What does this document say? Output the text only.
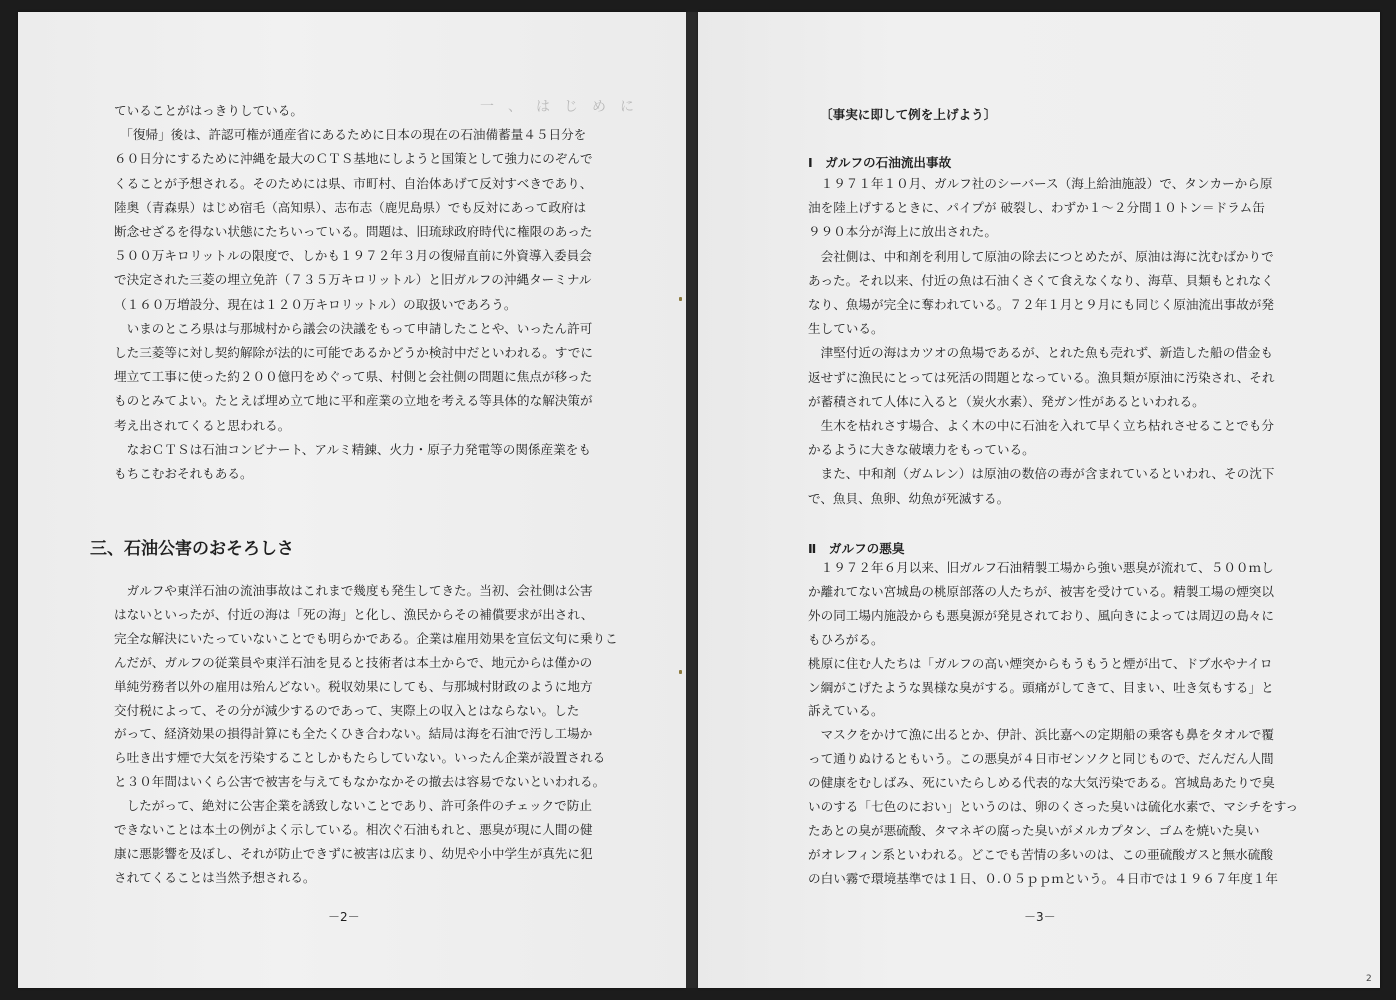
一、はじめに

ていることがはっきりしている。
　「復帰」後は、許認可権が通産省にあるために日本の現在の石油備蓄量４５日分を
６０日分にするために沖縄を最大のＣＴＳ基地にしようと国策として強力にのぞんで
くることが予想される。そのためには県、市町村、自治体あげて反対すべきであり、
陸奥（青森県）はじめ宿毛（高知県）、志布志（鹿児島県）でも反対にあって政府は
断念せざるを得ない状態にたちいっている。問題は、旧琉球政府時代に権限のあった
５００万キロリットルの限度で、しかも１９７２年３月の復帰直前に外資導入委員会
で決定された三菱の埋立免許（７３５万キロリットル）と旧ガルフの沖縄ターミナル
（１６０万増設分、現在は１２０万キロリットル）の取扱いであろう。
　いまのところ県は与那城村から議会の決議をもって申請したことや、いったん許可
した三菱等に対し契約解除が法的に可能であるかどうか検討中だといわれる。すでに
埋立て工事に使った約２００億円をめぐって県、村側と会社側の問題に焦点が移った
ものとみてよい。たとえば埋め立て地に平和産業の立地を考える等具体的な解決策が
考え出されてくると思われる。
　なおＣＴＳは石油コンビナート、アルミ精錬、火力・原子力発電等の関係産業をも
もちこむおそれもある。
三、石油公害のおそろしさ
　ガルフや東洋石油の流油事故はこれまで幾度も発生してきた。当初、会社側は公害
はないといったが、付近の海は「死の海」と化し、漁民からその補償要求が出され、
完全な解決にいたっていないことでも明らかである。企業は雇用効果を宣伝文句に乗りこ
んだが、ガルフの従業員や東洋石油を見ると技術者は本土からで、地元からは僅かの
単純労務者以外の雇用は殆んどない。税収効果にしても、与那城村財政のように地方
交付税によって、その分が減少するのであって、実際上の収入とはならない。した
がって、経済効果の損得計算にも全たくひき合わない。結局は海を石油で汚し工場か
ら吐き出す煙で大気を汚染することしかもたらしていない。いったん企業が設置される
と３０年間はいくら公害で被害を与えてもなかなかその撤去は容易でないといわれる。
　したがって、絶対に公害企業を誘致しないことであり、許可条件のチェックで防止
できないことは本土の例がよく示している。相次ぐ石油もれと、悪臭が現に人間の健
康に悪影響を及ぼし、それが防止できずに被害は広まり、幼児や小中学生が真先に犯
されてくることは当然予想される。
－2－
〔事実に即して例を上げよう〕
Ⅰ　ガルフの石油流出事故
　１９７１年１０月、ガルフ社のシーバース（海上給油施設）で、タンカーから原
油を陸上げするときに、パイプが 破裂し、わずか１～２分間１０トン＝ドラム缶
９９０本分が海上に放出された。
　会社側は、中和剤を利用して原油の除去につとめたが、原油は海に沈むばかりで
あった。それ以来、付近の魚は石油くさくて食えなくなり、海草、貝類もとれなく
なり、魚場が完全に奪われている。７２年１月と９月にも同じく原油流出事故が発
生している。
　津堅付近の海はカツオの魚場であるが、とれた魚も売れず、新造した船の借金も
返せずに漁民にとっては死活の問題となっている。漁貝類が原油に汚染され、それ
が蓄積されて人体に入ると（炭火水素）、発ガン性があるといわれる。
　生木を枯れさす場合、よく木の中に石油を入れて早く立ち枯れさせることでも分
かるように大きな破壊力をもっている。
　また、中和剤（ガムレン）は原油の数倍の毒が含まれているといわれ、その沈下
で、魚貝、魚卵、幼魚が死滅する。
Ⅱ　ガルフの悪臭
　１９７２年６月以来、旧ガルフ石油精製工場から強い悪臭が流れて、５００ｍし
か離れてない宮城島の桃原部落の人たちが、被害を受けている。精製工場の煙突以
外の同工場内施設からも悪臭源が発見されており、風向きによっては周辺の島々に
もひろがる。
桃原に住む人たちは「ガルフの高い煙突からもうもうと煙が出て、ドブ水やナイロ
ン綱がこげたような異様な臭がする。頭痛がしてきて、目まい、吐き気もする」と
訴えている。
　マスクをかけて漁に出るとか、伊計、浜比嘉への定期船の乗客も鼻をタオルで覆
って通りぬけるともいう。この悪臭が４日市ゼンソクと同じもので、だんだん人間
の健康をむしばみ、死にいたらしめる代表的な大気汚染である。宮城島あたりで臭
いのする「七色のにおい」というのは、卵のくさった臭いは硫化水素で、マシチをすっ
たあとの臭が悪硫酸、タマネギの腐った臭いがメルカプタン、ゴムを焼いた臭い
がオレフィン系といわれる。どこでも苦情の多いのは、この亜硫酸ガスと無水硫酸
の白い霧で環境基準では１日、０.０５ｐｐｍという。４日市では１９６７年度１年
－3－
2
